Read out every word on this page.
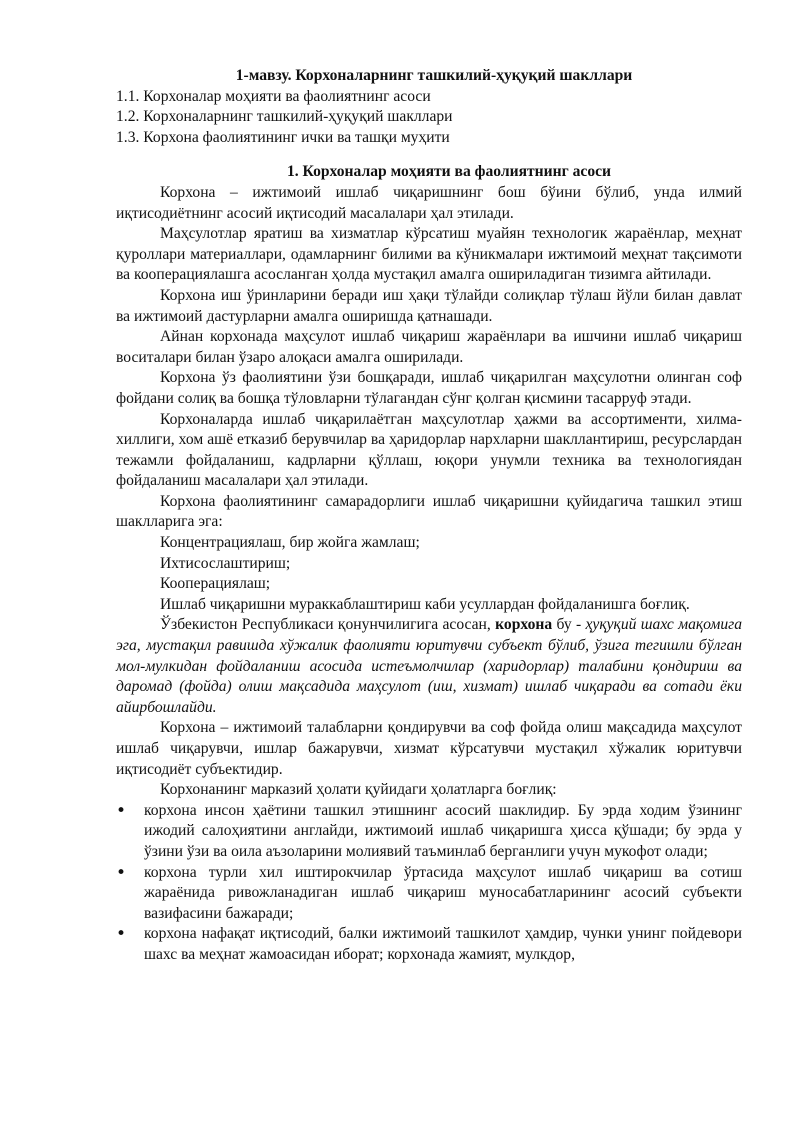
1-мавзу. Корхоналарнинг ташкилий-ҳуқуқий шакллари
1.1. Корхоналар моҳияти ва фаолиятнинг асоси
1.2. Корхоналарнинг ташкилий-ҳуқуқий шакллари
1.3. Корхона фаолиятининг ички ва ташқи муҳити
1. Корхоналар моҳияти ва фаолиятнинг асоси

Корхона – ижтимоий ишлаб чиқаришнинг бош бўини бўлиб, унда илмий иқтисодиётнинг асосий иқтисодий масалалари ҳал этилади.

Маҳсулотлар яратиш ва хизматлар кўрсатиш муайян технологик жараёнлар, меҳнат қуроллари материаллари, одамларнинг билими ва кўникмалари ижтимоий меҳнат тақсимоти ва кооперациялашга асосланган ҳолда мустақил амалга ошириладиган тизимга айтилади.

Корхона иш ўринларини беради иш ҳақи тўлайди солиқлар тўлаш йўли билан давлат ва ижтимоий дастурларни амалга оширишда қатнашади.

Айнан корхонада маҳсулот ишлаб чиқариш жараёнлари ва ишчини ишлаб чиқариш воситалари билан ўзаро алоқаси амалга оширилади.

Корхона ўз фаолиятини ўзи бошқаради, ишлаб чиқарилган маҳсулотни олинган соф фойдани солиқ ва бошқа тўловларни тўлагандан сўнг қолган қисмини тасарруф этади.

Корхоналарда ишлаб чиқарилаётган маҳсулотлар ҳажми ва ассортименти, хилма-хиллиги, хом ашё етказиб берувчилар ва ҳаридорлар нархларни шакллантириш, ресурслардан тежамли фойдаланиш, кадрларни қўллаш, юқори унумли техника ва технологиядан фойдаланиш масалалари ҳал этилади.

Корхона фаолиятининг самарадорлиги ишлаб чиқаришни қуйидагича ташкил этиш шаклларига эга:

Концентрациялаш, бир жойга жамлаш;
Ихтисослаштириш;
Кооперациялаш;

Ишлаб чиқаришни мураккаблаштириш каби усуллардан фойдаланишга боғлиқ.

Ўзбекистон Республикаси қонунчилигига асосан, корхона бу - ҳуқуқий шахс мақомига эга, мустақил равишда хўжалик фаолияти юритувчи субъект бўлиб, ўзига тегишли бўлган мол-мулкидан фойдаланиш асосида истеъмолчилар (харидорлар) талабини қондириш ва даромад (фойда) олиш мақсадида маҳсулот (иш, хизмат) ишлаб чиқаради ва сотади ёки айирбошлайди.

Корхона – ижтимоий талабларни қондирувчи ва соф фойда олиш мақсадида маҳсулот ишлаб чиқарувчи, ишлар бажарувчи, хизмат кўрсатувчи мустақил хўжалик юритувчи иқтисодиёт субъектидир.

Корхонанинг марказий ҳолати қуйидаги ҳолатларга боғлиқ:

• корхона инсон ҳаётини ташкил этишнинг асосий шаклидир. Бу эрда ходим ўзининг ижодий салоҳиятини англайди, ижтимоий ишлаб чиқаришга ҳисса қўшади; бу эрда у ўзини ўзи ва оила аъзоларини молиявий таъминлаб берганлиги учун мукофот олади;
• корхона турли хил иштирокчилар ўртасида маҳсулот ишлаб чиқариш ва сотиш жараёнида ривожланадиган ишлаб чиқариш муносабатларининг асосий субъекти вазифасини бажаради;
• корхона нафақат иқтисодий, балки ижтимоий ташкилот ҳамдир, чунки унинг пойдевори шахс ва меҳнат жамоасидан иборат; корхонада жамият, мулкдор,
